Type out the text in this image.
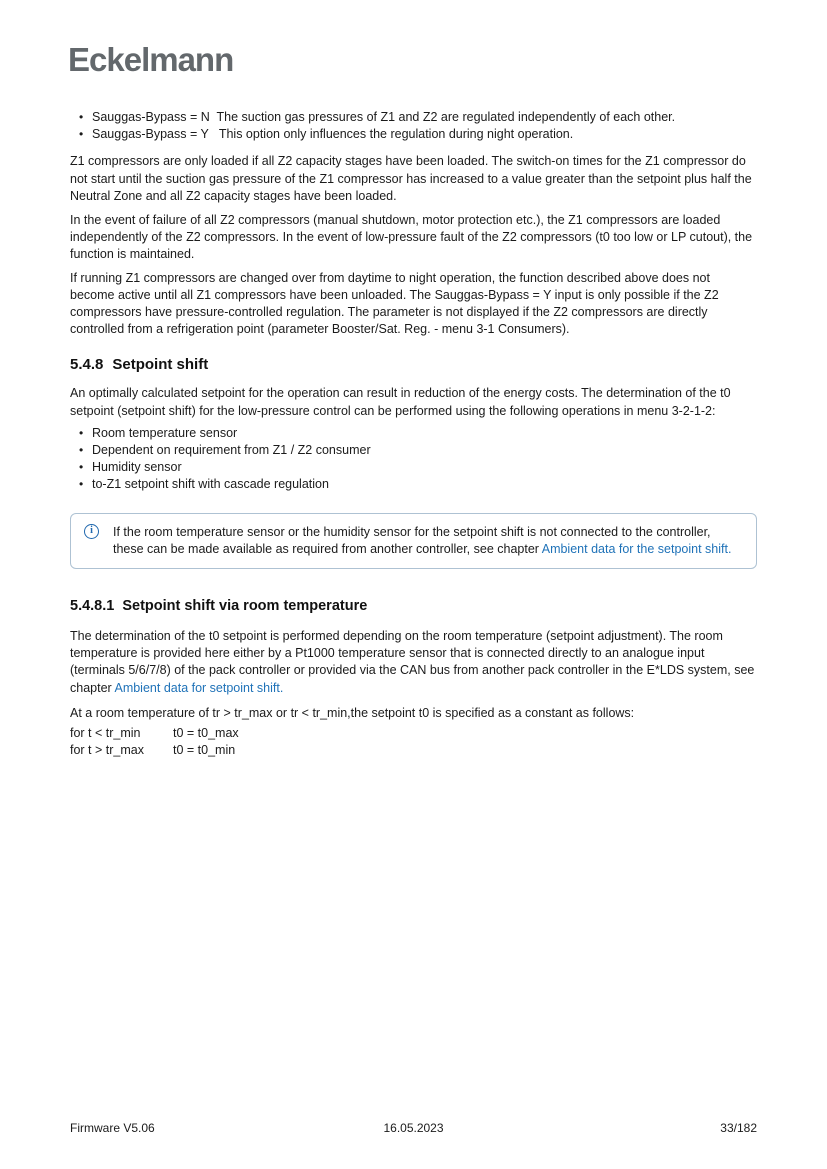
Eckelmann
• Sauggas-Bypass = N  The suction gas pressures of Z1 and Z2 are regulated independently of each other.
• Sauggas-Bypass = Y   This option only influences the regulation during night operation.

Z1 compressors are only loaded if all Z2 capacity stages have been loaded. The switch-on times for the Z1 compressor do not start until the suction gas pressure of the Z1 compressor has increased to a value greater than the setpoint plus half the Neutral Zone and all Z2 capacity stages have been loaded.

In the event of failure of all Z2 compressors (manual shutdown, motor protection etc.), the Z1 compressors are loaded independently of the Z2 compressors. In the event of low-pressure fault of the Z2 compressors (t0 too low or LP cutout), the function is maintained.

If running Z1 compressors are changed over from daytime to night operation, the function described above does not become active until all Z1 compressors have been unloaded. The Sauggas-Bypass = Y input is only possible if the Z2 compressors have pressure-controlled regulation. The parameter is not displayed if the Z2 compressors are directly controlled from a refrigeration point (parameter Booster/Sat. Reg. - menu 3-1 Consumers).

5.4.8 Setpoint shift

An optimally calculated setpoint for the operation can result in reduction of the energy costs. The determination of the t0 setpoint (setpoint shift) for the low-pressure control can be performed using the following operations in menu 3-2-1-2:

• Room temperature sensor
• Dependent on requirement from Z1 / Z2 consumer
• Humidity sensor
• to-Z1 setpoint shift with cascade regulation
i	If the room temperature sensor or the humidity sensor for the setpoint shift is not connected to the controller, these can be made available as required from another controller, see chapter Ambient data for the setpoint shift.

5.4.8.1 Setpoint shift via room temperature

The determination of the t0 setpoint is performed depending on the room temperature (setpoint adjustment). The room temperature is provided here either by a Pt1000 temperature sensor that is connected directly to an analogue input (terminals 5/6/7/8) of the pack controller or provided via the CAN bus from another pack controller in the E*LDS system, see chapter Ambient data for setpoint shift.

At a room temperature of tr > tr_max or tr < tr_min,the setpoint t0 is specified as a constant as follows:

for t < tr_min	t0 = t0_max
for t > tr_max t0 = t0_min
Firmware V5.06	16.05.2023	33/182
